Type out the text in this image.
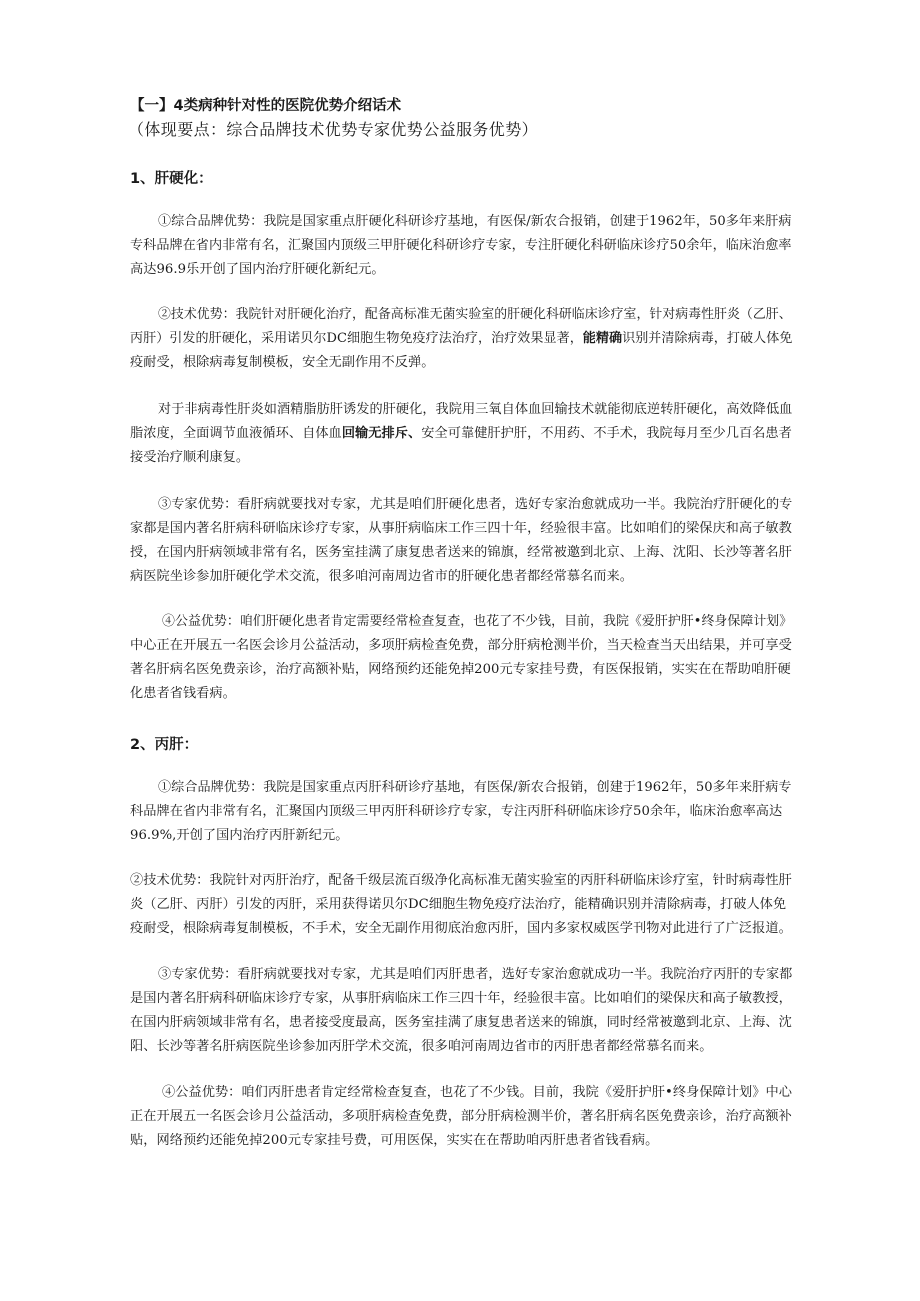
【一】4类病种针对性的医院优势介绍话术
（体现要点：综合品牌技术优势专家优势公益服务优势）
1、肝硬化：
①综合品牌优势：我院是国家重点肝硬化科研诊疗基地，有医保/新农合报销，创建于1962年，50多年来肝病
专科品牌在省内非常有名，汇聚国内顶级三甲肝硬化科研诊疗专家，专注肝硬化科研临床诊疗50余年，临床治愈率
高达96.9乐开创了国内治疗肝硬化新纪元。
②技术优势：我院针对肝硬化治疗，配备高标准无菌实验室的肝硬化科研临床诊疗室，针对病毒性肝炎（乙肝、
丙肝）引发的肝硬化，采用诺贝尔DC细胞生物免疫疗法治疗，治疗效果显著，能精确识别并清除病毒，打破人体免
疫耐受，根除病毒复制模板，安全无副作用不反弹。
对于非病毒性肝炎如酒精脂肪肝诱发的肝硬化，我院用三氧自体血回输技术就能彻底逆转肝硬化，高效降低血
脂浓度，全面调节血液循环、自体血回输无排斥、安全可靠健肝护肝，不用药、不手术，我院每月至少几百名患者
接受治疗顺利康复。
③专家优势：看肝病就要找对专家，尤其是咱们肝硬化患者，选好专家治愈就成功一半。我院治疗肝硬化的专
家都是国内著名肝病科研临床诊疗专家，从事肝病临床工作三四十年，经验很丰富。比如咱们的梁保庆和高子敏教
授，在国内肝病领域非常有名，医务室挂满了康复患者送来的锦旗，经常被邀到北京、上海、沈阳、长沙等著名肝
病医院坐诊参加肝硬化学术交流，很多咱河南周边省市的肝硬化患者都经常慕名而来。
④公益优势：咱们肝硬化患者肯定需要经常检查复查，也花了不少钱，目前，我院《爱肝护肝•终身保障计划》
中心正在开展五一名医会诊月公益活动，多项肝病检查免费，部分肝病枪测半价，当天检查当天出结果，并可享受
著名肝病名医免费亲诊，治疗高额补贴，网络预约还能免掉200元专家挂号费，有医保报销，实实在在帮助咱肝硬
化患者省钱看病。
2、丙肝：
①综合品牌优势：我院是国家重点丙肝科研诊疗基地，有医保/新农合报销，创建于1962年，50多年来肝病专
科品牌在省内非常有名，汇聚国内顶级三甲丙肝科研诊疗专家，专注丙肝科研临床诊疗50余年，临床治愈率高达
96.9%,开创了国内治疗丙肝新纪元。
②技术优势：我院针对丙肝治疗，配备千级层流百级净化高标准无菌实验室的丙肝科研临床诊疗室，针时病毒性肝
炎（乙肝、丙肝）引发的丙肝，采用获得诺贝尔DC细胞生物免疫疗法治疗，能精确识别并清除病毒，打破人体免
疫耐受，根除病毒复制模板，不手术，安全无副作用彻底治愈丙肝，国内多家权威医学刊物对此进行了广泛报道。
③专家优势：看肝病就要找对专家，尤其是咱们丙肝患者，选好专家治愈就成功一半。我院治疗丙肝的专家都
是国内著名肝病科研临床诊疗专家，从事肝病临床工作三四十年，经验很丰富。比如咱们的梁保庆和高子敏教授，
在国内肝病领域非常有名，患者接受度最高，医务室挂满了康复患者送来的锦旗，同时经常被邀到北京、上海、沈
阳、长沙等著名肝病医院坐诊参加丙肝学术交流，很多咱河南周边省市的丙肝患者都经常慕名而来。
④公益优势：咱们丙肝患者肯定经常检查复查，也花了不少钱。目前，我院《爱肝护肝•终身保障计划》中心
正在开展五一名医会诊月公益活动，多项肝病检查免费，部分肝病检测半价，著名肝病名医免费亲诊，治疗高额补
贴，网络预约还能免掉200元专家挂号费，可用医保，实实在在帮助咱丙肝患者省钱看病。
